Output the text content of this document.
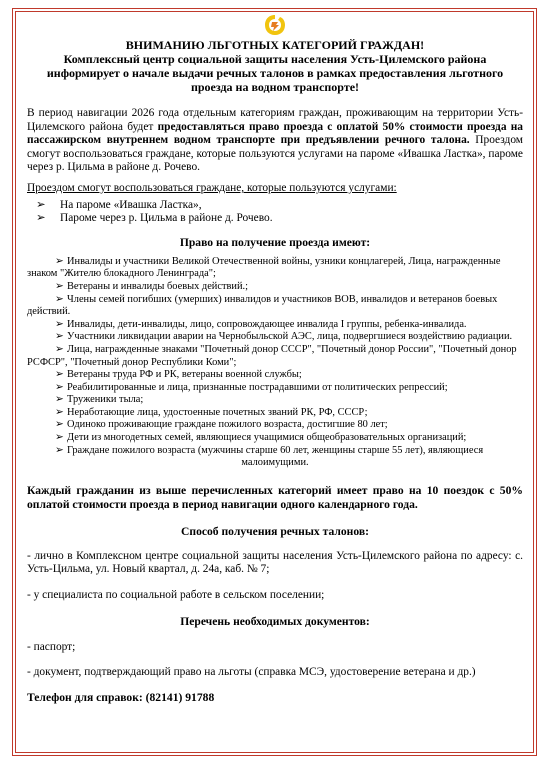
ВНИМАНИЮ ЛЬГОТНЫХ КАТЕГОРИЙ ГРАЖДАН!
Комплексный центр социальной защиты населения Усть-Цилемского района
информирует о начале выдачи речных талонов в рамках предоставления льготного
проезда на водном транспорте!

В период навигации 2026 года отдельным категориям граждан, проживающим на территории Усть-Цилемского района будет предоставляться право проезда с оплатой 50% стоимости проезда на пассажирском внутреннем водном транспорте при предъявлении речного талона. Проездом смогут воспользоваться граждане, которые пользуются услугами на пароме «Ивашка Ластка», пароме через р. Цильма в районе д. Рочево.

Проездом смогут воспользоваться граждане, которые пользуются услугами:

➢ На пароме «Ивашка Ластка»,
➢ Пароме через р. Цильма в районе д. Рочево.
Право на получение проезда имеют:
➢ Инвалиды и участники Великой Отечественной войны, узники концлагерей, Лица, награжденные знаком "Жителю блокадного Ленинграда";
➢ Ветераны и инвалиды боевых действий.;
➢ Члены семей погибших (умерших) инвалидов и участников ВОВ, инвалидов и ветеранов боевых действий.
➢ Инвалиды, дети-инвалиды, лицо, сопровождающее инвалида I группы, ребенка-инвалида.
➢ Участники ликвидации аварии на Чернобыльской АЭС, лица, подвергшиеся воздействию радиации.
➢ Лица, награжденные знаками "Почетный донор СССР", "Почетный донор России", "Почетный донор РСФСР", "Почетный донор Республики Коми";
➢ Ветераны труда РФ и РК, ветераны военной службы;
➢ Реабилитированные и лица, признанные пострадавшими от политических репрессий;
➢ Труженики тыла;
➢ Неработающие лица, удостоенные почетных званий РК, РФ, СССР;
➢ Одиноко проживающие граждане пожилого возраста, достигшие 80 лет;
➢ Дети из многодетных семей, являющиеся учащимися общеобразовательных организаций;
➢ Граждане пожилого возраста (мужчины старше 60 лет, женщины старше 55 лет), являющиеся
малоимущими.

Каждый гражданин из выше перечисленных категорий имеет право на 10 поездок с 50% оплатой стоимости проезда в период навигации одного календарного года.

Способ получения речных талонов:

- лично в Комплексном центре социальной защиты населения Усть-Цилемского района по адресу: с. Усть-Цильма, ул. Новый квартал, д. 24а, каб. № 7;

- у специалиста по социальной работе в сельском поселении;

Перечень необходимых документов:

- паспорт;

- документ, подтверждающий право на льготы (справка МСЭ, удостоверение ветерана и др.)

Телефон для справок: (82141) 91788
